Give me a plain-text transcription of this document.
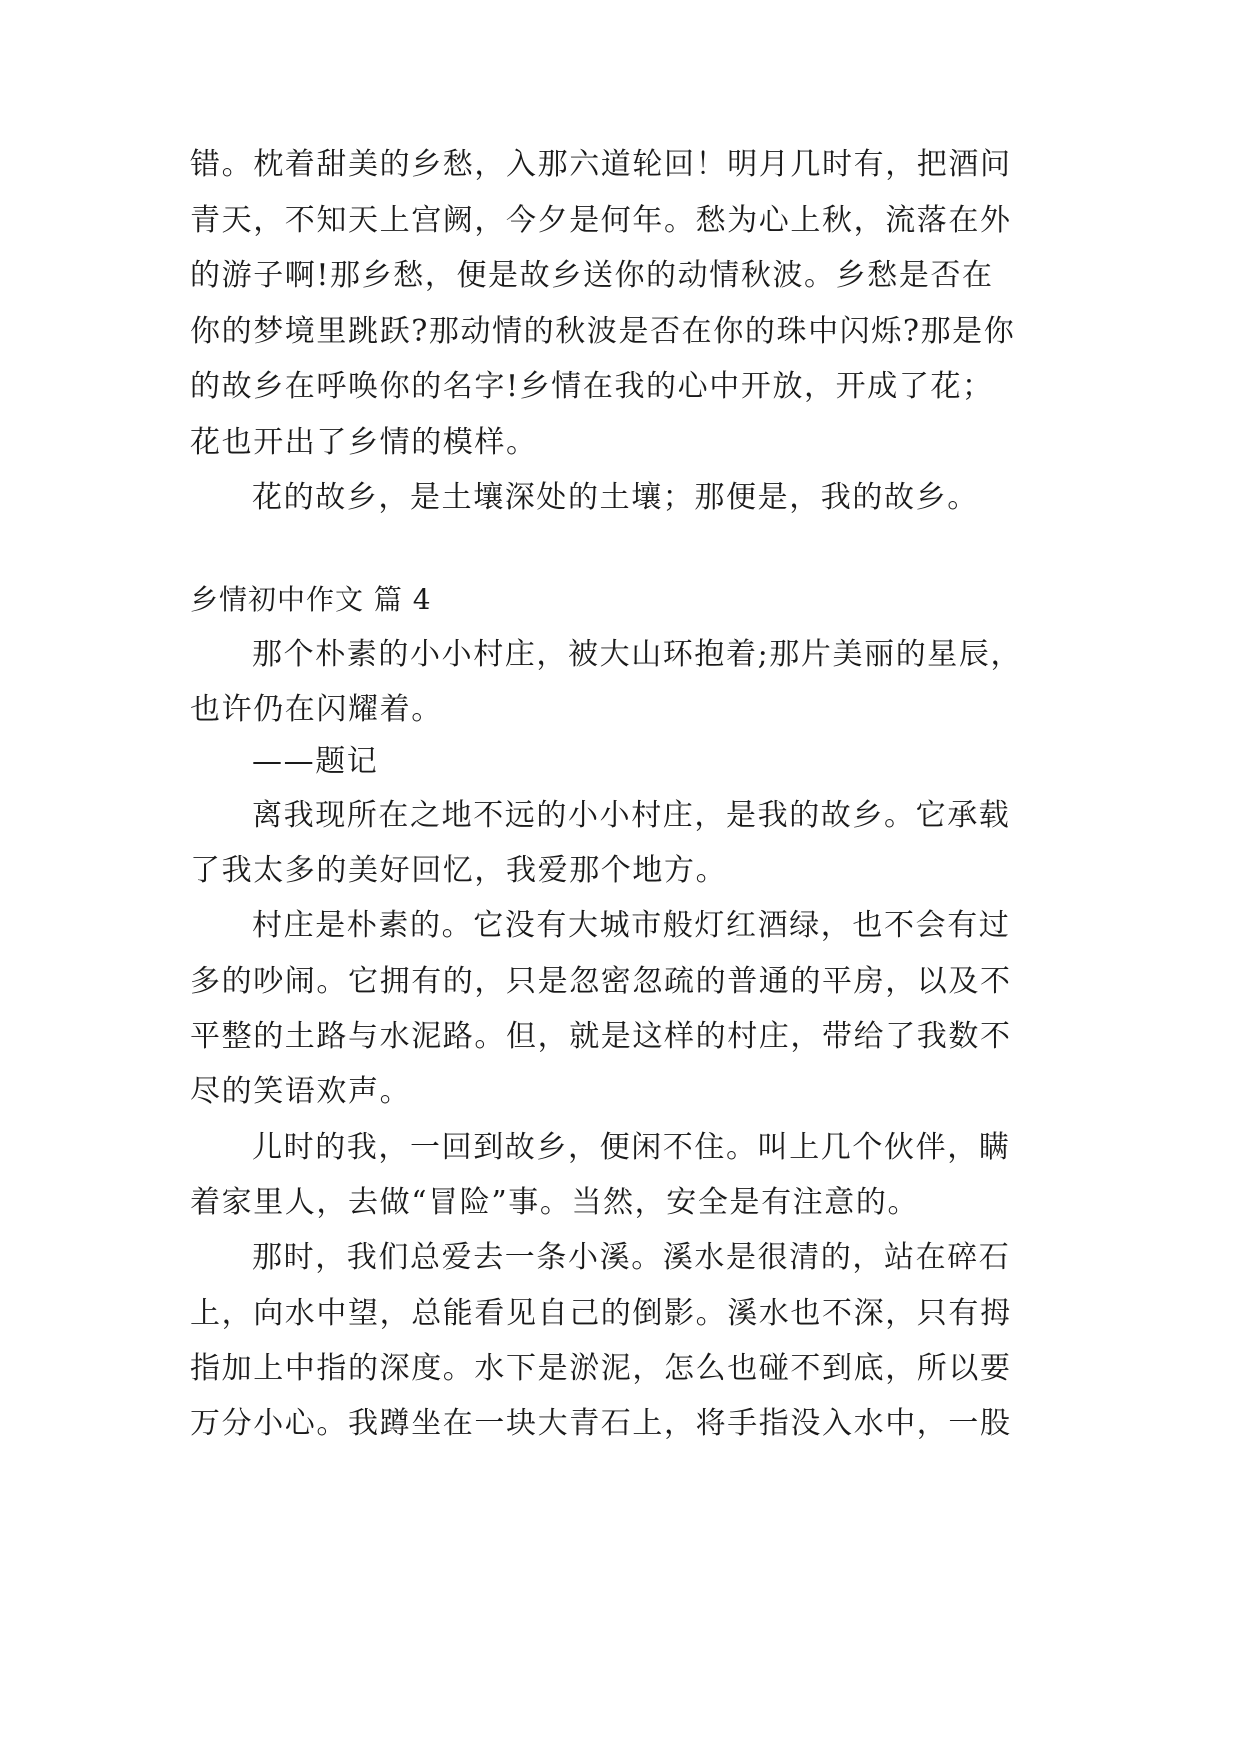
错。枕着甜美的乡愁，入那六道轮回！明月几时有，把酒问
青天，不知天上宫阙，今夕是何年。愁为心上秋，流落在外
的游子啊!那乡愁，便是故乡送你的动情秋波。乡愁是否在
你的梦境里跳跃?那动情的秋波是否在你的珠中闪烁?那是你
的故乡在呼唤你的名字!乡情在我的心中开放，开成了花；
花也开出了乡情的模样。
花的故乡，是土壤深处的土壤；那便是，我的故乡。
乡情初中作文 篇 4
那个朴素的小小村庄，被大山环抱着;那片美丽的星辰，
也许仍在闪耀着。
——题记
离我现所在之地不远的小小村庄，是我的故乡。它承载
了我太多的美好回忆，我爱那个地方。
村庄是朴素的。它没有大城市般灯红酒绿，也不会有过
多的吵闹。它拥有的，只是忽密忽疏的普通的平房，以及不
平整的土路与水泥路。但，就是这样的村庄，带给了我数不
尽的笑语欢声。
儿时的我，一回到故乡，便闲不住。叫上几个伙伴，瞒
着家里人，去做“冒险”事。当然，安全是有注意的。
那时，我们总爱去一条小溪。溪水是很清的，站在碎石
上，向水中望，总能看见自己的倒影。溪水也不深，只有拇
指加上中指的深度。水下是淤泥，怎么也碰不到底，所以要
万分小心。我蹲坐在一块大青石上，将手指没入水中，一股
